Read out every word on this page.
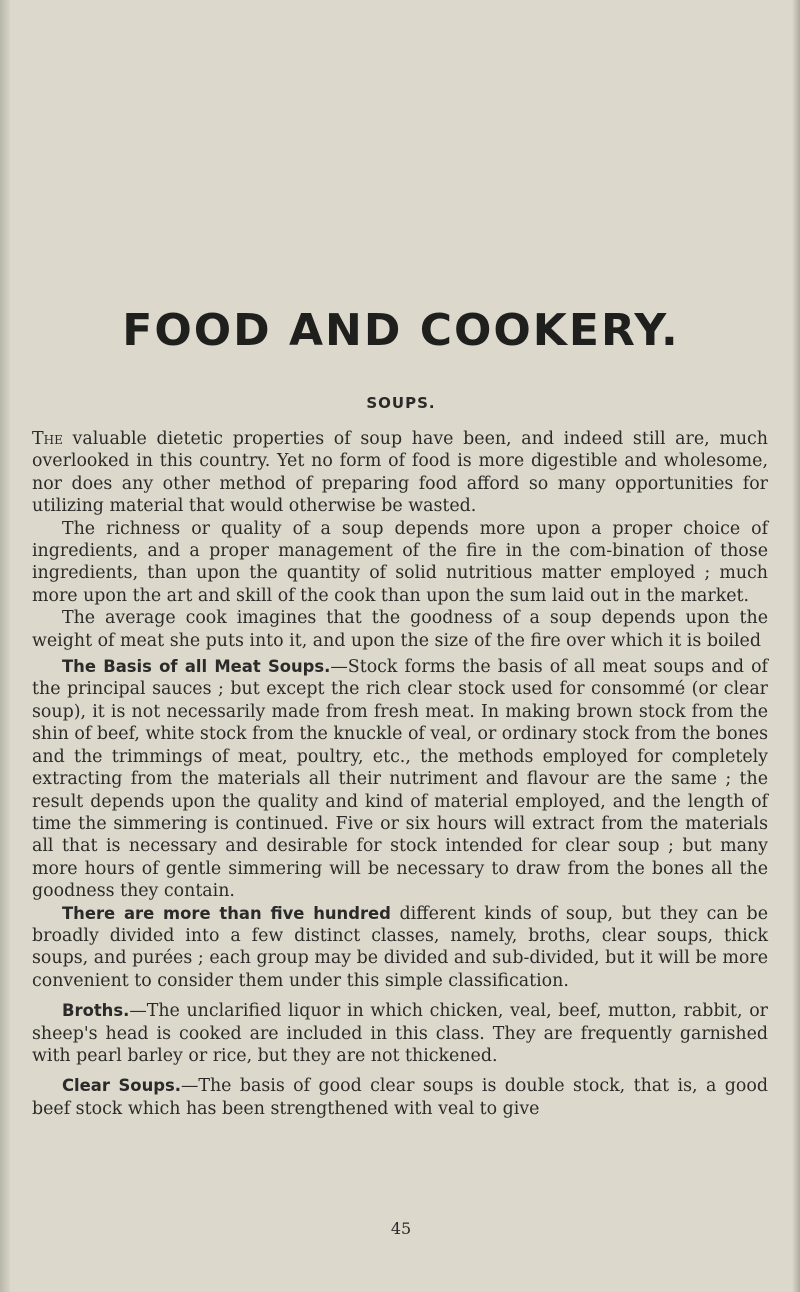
FOOD AND COOKERY.
SOUPS.

The valuable dietetic properties of soup have been, and indeed still are, much overlooked in this country. Yet no form of food is more digestible and wholesome, nor does any other method of preparing food afford so many opportunities for utilizing material that would otherwise be wasted.

The richness or quality of a soup depends more upon a proper choice of ingredients, and a proper management of the fire in the com-bination of those ingredients, than upon the quantity of solid nutritious matter employed ; much more upon the art and skill of the cook than upon the sum laid out in the market.

The average cook imagines that the goodness of a soup depends upon the weight of meat she puts into it, and upon the size of the fire over which it is boiled

The Basis of all Meat Soups.—Stock forms the basis of all meat soups and of the principal sauces ; but except the rich clear stock used for consommé (or clear soup), it is not necessarily made from fresh meat. In making brown stock from the shin of beef, white stock from the knuckle of veal, or ordinary stock from the bones and the trimmings of meat, poultry, etc., the methods employed for completely extracting from the materials all their nutriment and flavour are the same ; the result depends upon the quality and kind of material employed, and the length of time the simmering is continued. Five or six hours will extract from the materials all that is necessary and desirable for stock intended for clear soup ; but many more hours of gentle simmering will be necessary to draw from the bones all the goodness they contain.

There are more than five hundred different kinds of soup, but they can be broadly divided into a few distinct classes, namely, broths, clear soups, thick soups, and purées ; each group may be divided and sub-divided, but it will be more convenient to consider them under this simple classification.

Broths.—The unclarified liquor in which chicken, veal, beef, mutton, rabbit, or sheep's head is cooked are included in this class. They are frequently garnished with pearl barley or rice, but they are not thickened.

Clear Soups.—The basis of good clear soups is double stock, that is, a good beef stock which has been strengthened with veal to give

45
